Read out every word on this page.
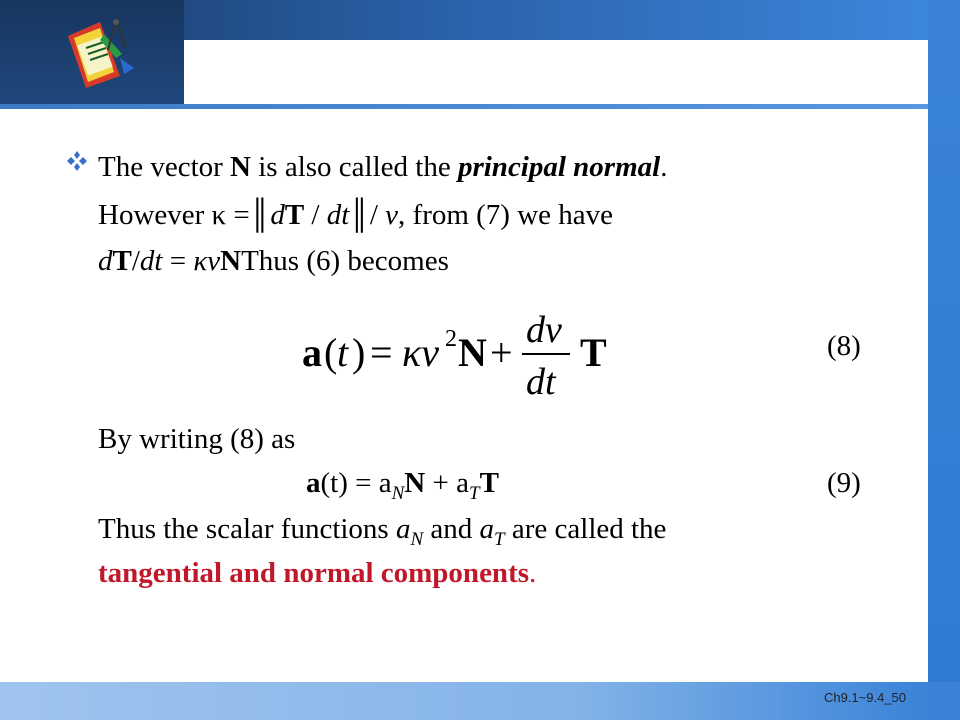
The vector N is also called the principal normal.
However κ =║dT / dt║/ v, from (7) we have
dT/dt = κvNThus (6) becomes
a ( t ) = κv 2 N + dv
dt
T	(8)
By writing (8) as
$a(t) = a_NN + a_TT$	(9)
Thus the scalar functions $a_N$ and $a_T$ are called the
tangential and normal components.
Ch9.1~9.4_50
